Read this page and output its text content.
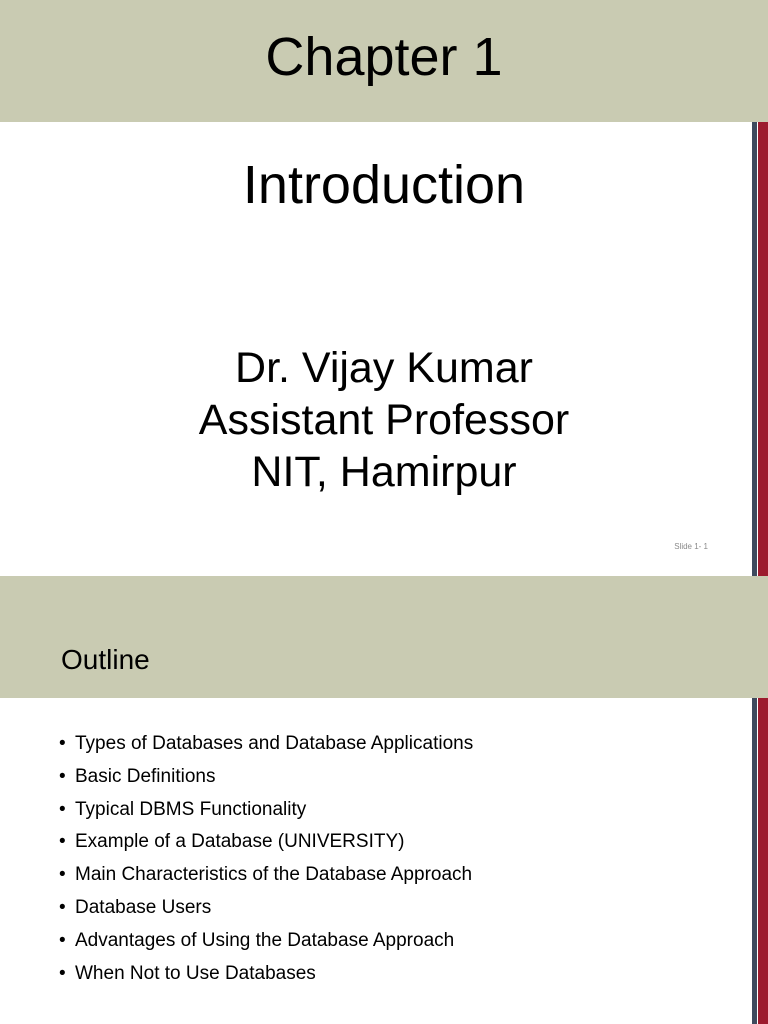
Chapter 1
Introduction
Dr. Vijay Kumar
Assistant Professor
NIT, Hamirpur
Slide 1- 1
Outline
• Types of Databases and Database Applications
• Basic Definitions
• Typical DBMS Functionality
• Example of a Database (UNIVERSITY)
• Main Characteristics of the Database Approach
• Database Users
• Advantages of Using the Database Approach
• When Not to Use Databases
